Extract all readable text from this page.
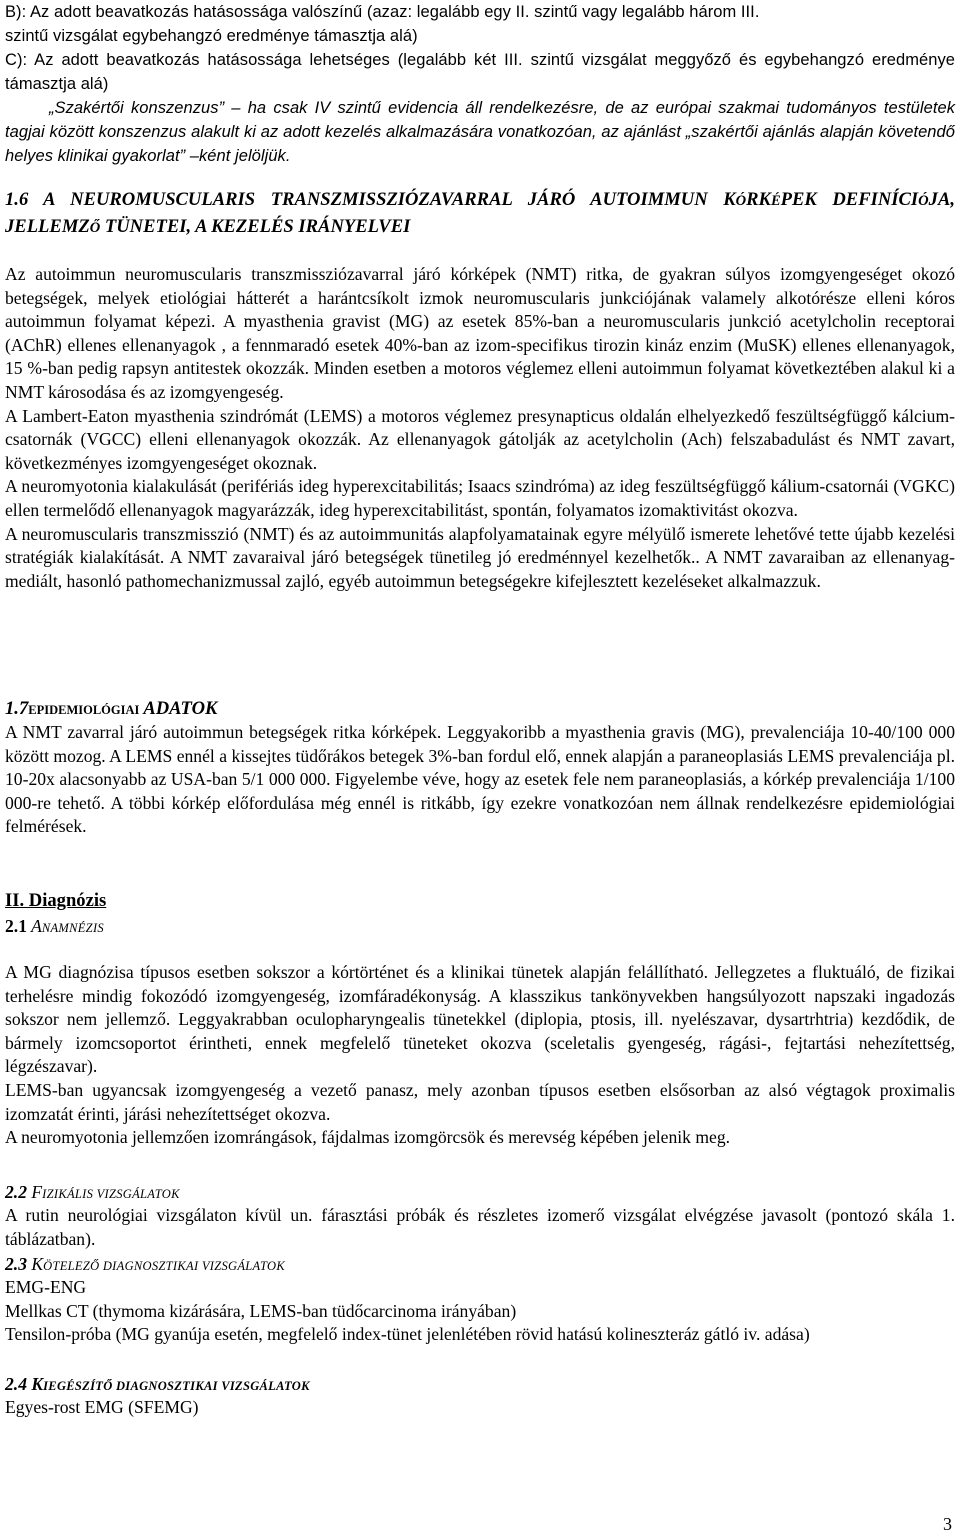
B): Az adott beavatkozás hatásossága valószínű (azaz: legalább egy II. szintű vagy legalább három III.

szintű vizsgálat egybehangzó eredménye támasztja alá)

C): Az adott beavatkozás hatásossága lehetséges (legalább két III. szintű vizsgálat meggyőző és egybehangzó eredménye támasztja alá)

„Szakértői konszenzus” – ha csak IV szintű evidencia áll rendelkezésre, de az európai szakmai tudományos testületek tagjai között konszenzus alakult ki az adott kezelés alkalmazására vonatkozóan, az ajánlást „szakértői ajánlás alapján követendő helyes klinikai gyakorlat” –ként jelöljük.

1.6 A NEUROMUSCULARIS TRANSZMISSZIÓZAVARRAL JÁRÓ AUTOIMMUN KÓRKÉPEK DEFINÍCIÓJA, JELLEMZŐ TÜNETEI, A KEZELÉS IRÁNYELVEI

Az autoimmun neuromuscularis transzmissziózavarral járó kórképek (NMT) ritka, de gyakran súlyos izomgyengeséget okozó betegségek, melyek etiológiai hátterét a harántcsíkolt izmok neuromuscularis junkciójának valamely alkotórésze elleni kóros autoimmun folyamat képezi. A myasthenia gravist (MG) az esetek 85%-ban a neuromuscularis junkció acetylcholin receptorai (AChR) ellenes ellenanyagok , a fennmaradó esetek 40%-ban az izom-specifikus tirozin kináz enzim (MuSK) ellenes ellenanyagok, 15 %-ban pedig rapsyn antitestek okozzák. Minden esetben a motoros véglemez elleni autoimmun folyamat következtében alakul ki a NMT károsodása és az izomgyengeség.

A Lambert-Eaton myasthenia szindrómát (LEMS) a motoros véglemez presynapticus oldalán elhelyezkedő feszültségfüggő kálcium-csatornák (VGCC) elleni ellenanyagok okozzák. Az ellenanyagok gátolják az acetylcholin (Ach) felszabadulást és NMT zavart, következményes izomgyengeséget okoznak.

A neuromyotonia kialakulását (perifériás ideg hyperexcitabilitás; Isaacs szindróma) az ideg feszültségfüggő kálium-csatornái (VGKC) ellen termelődő ellenanyagok magyarázzák, ideg hyperexcitabilitást, spontán, folyamatos izomaktivitást okozva.

A neuromuscularis transzmisszió (NMT) és az autoimmunitás alapfolyamatainak egyre mélyülő ismerete lehetővé tette újabb kezelési stratégiák kialakítását. A NMT zavaraival járó betegségek tünetileg jó eredménnyel kezelhetők.. A NMT zavaraiban az ellenanyag-mediált, hasonló pathomechanizmussal zajló, egyéb autoimmun betegségekre kifejlesztett kezeléseket alkalmazzuk.

1.7EPIDEMIOLÓGIAI ADATOK

A NMT zavarral járó autoimmun betegségek ritka kórképek. Leggyakoribb a myasthenia gravis (MG), prevalenciája 10-40/100 000 között mozog. A LEMS ennél a kissejtes tüdőrákos betegek 3%-ban fordul elő, ennek alapján a paraneoplasiás LEMS prevalenciája pl. 10-20x alacsonyabb az USA-ban 5/1 000 000. Figyelembe véve, hogy az esetek fele nem paraneoplasiás, a kórkép prevalenciája 1/100 000-re tehető. A többi kórkép előfordulása még ennél is ritkább, így ezekre vonatkozóan nem állnak rendelkezésre epidemiológiai felmérések.

II. Diagnózis
2.1 ANAMNÉZIS

A MG diagnózisa típusos esetben sokszor a kórtörténet és a klinikai tünetek alapján felállítható. Jellegzetes a fluktuáló, de fizikai terhelésre mindig fokozódó izomgyengeség, izomfáradékonyság. A klasszikus tankönyvekben hangsúlyozott napszaki ingadozás sokszor nem jellemző. Leggyakrabban oculopharyngealis tünetekkel (diplopia, ptosis, ill. nyelészavar, dysartrhtria) kezdődik, de bármely izomcsoportot érintheti, ennek megfelelő tüneteket okozva (sceletalis gyengeség, rágási-, fejtartási nehezítettség, légzészavar).

LEMS-ban ugyancsak izomgyengeség a vezető panasz, mely azonban típusos esetben elsősorban az alsó végtagok proximalis izomzatát érinti, járási nehezítettséget okozva.

A neuromyotonia jellemzően izomrángások, fájdalmas izomgörcsök és merevség képében jelenik meg.

2.2 FIZIKÁLIS VIZSGÁLATOK

A rutin neurológiai vizsgálaton kívül un. fárasztási próbák és részletes izomerő vizsgálat elvégzése javasolt (pontozó skála 1. táblázatban).

2.3 KÖTELEZŐ DIAGNOSZTIKAI VIZSGÁLATOK

EMG-ENG

Mellkas CT (thymoma kizárására, LEMS-ban tüdőcarcinoma irányában)

Tensilon-próba (MG gyanúja esetén, megfelelő index-tünet jelenlétében rövid hatású kolineszteráz gátló iv. adása)

2.4 KIEGÉSZÍTŐ DIAGNOSZTIKAI VIZSGÁLATOK

Egyes-rost EMG (SFEMG)

3
